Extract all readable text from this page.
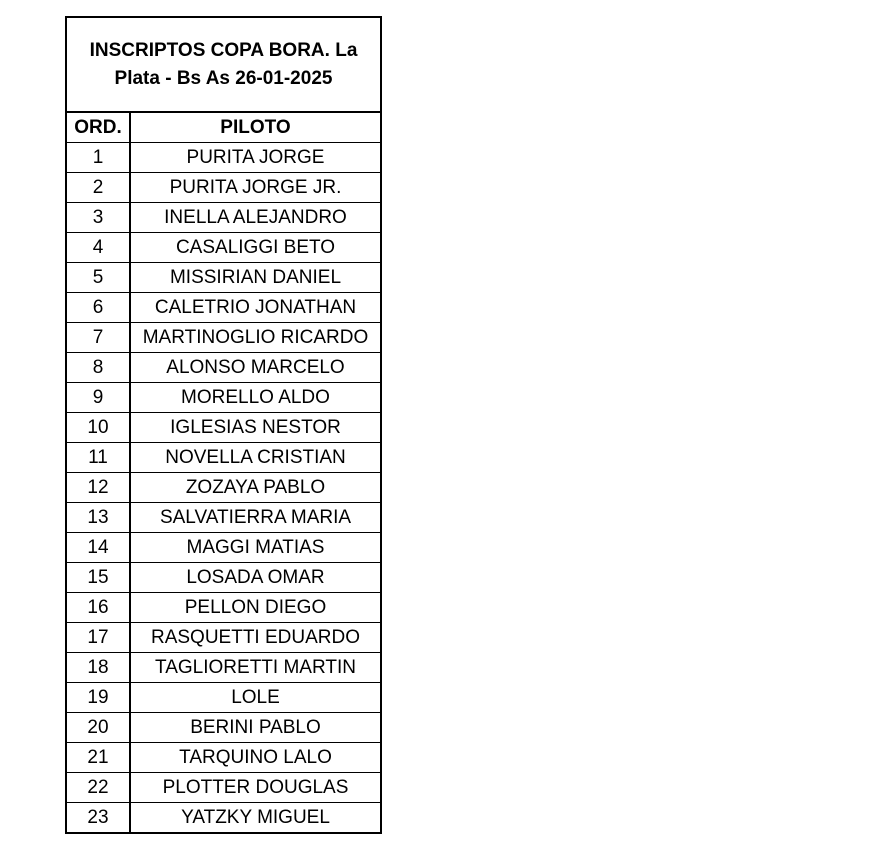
INSCRIPTOS COPA BORA. La
Plata - Bs As 26-01-2025
ORD.	PILOTO
1	PURITA JORGE
2	PURITA JORGE JR.
3	INELLA ALEJANDRO
4	CASALIGGI BETO
5	MISSIRIAN DANIEL
6	CALETRIO JONATHAN
7	MARTINOGLIO RICARDO
8	ALONSO MARCELO
9	MORELLO ALDO
10	IGLESIAS NESTOR
11	NOVELLA CRISTIAN
12	ZOZAYA PABLO
13	SALVATIERRA MARIA
14	MAGGI MATIAS
15	LOSADA OMAR
16	PELLON DIEGO
17	RASQUETTI EDUARDO
18	TAGLIORETTI MARTIN
19	LOLE
20	BERINI PABLO
21	TARQUINO LALO
22	PLOTTER DOUGLAS
23	YATZKY MIGUEL
